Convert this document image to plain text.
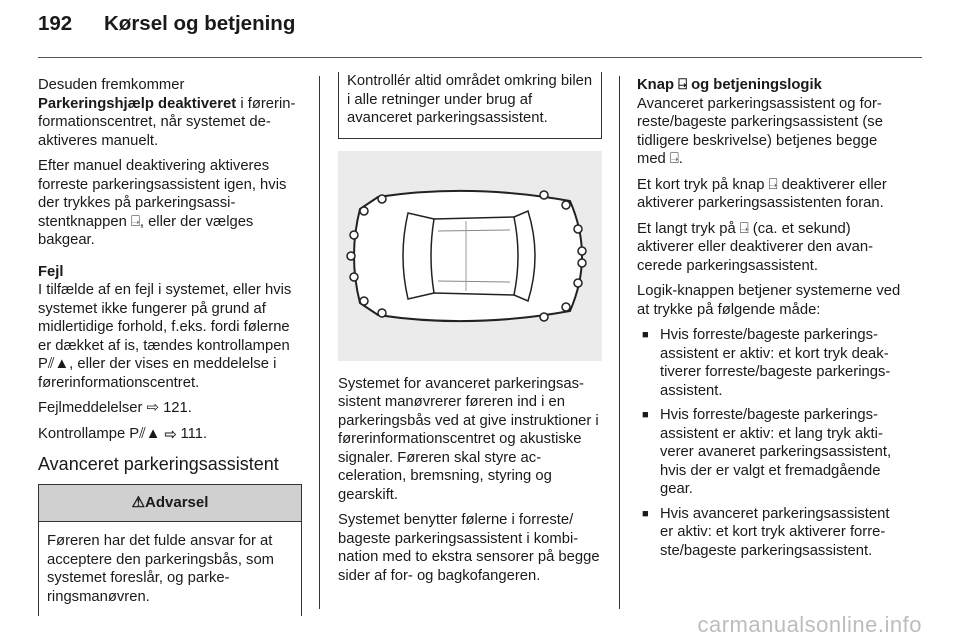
192 Kørsel og betjening

Desuden fremkommer
Parkeringshjælp deaktiveret i førerinformationscentret, når systemet deaktiveres manuelt.

Efter manuel deaktivering aktiveres forreste parkeringsassistent igen, hvis der trykkes på parkeringsassistentknappen ⍈, eller der vælges bakgear.

Fejl
I tilfælde af en fejl i systemet, eller hvis systemet ikke fungerer på grund af midlertidige forhold, f.eks. fordi følerne er dækket af is, tændes kontrollampen P⫽▲, eller der vises en meddelelse i førerinformationscentret.

Fejlmeddelelser ⇨ 121.

Kontrollampe P⫽▲ ⇨ 111.

Avanceret parkeringsassistent
⚠Advarsel
Føreren har det fulde ansvar for at acceptere den parkeringsbås, som systemet foreslår, og parkeringsmanøvren.
Kontrollér altid området omkring bilen i alle retninger under brug af avanceret parkeringsassistent.

Systemet for avanceret parkeringsassistent manøvrerer føreren ind i en parkeringsbås ved at give instruktioner i førerinformationscentret og akustiske signaler. Føreren skal styre acceleration, bremsning, styring og gearskift.

Systemet benytter følerne i forreste/ bageste parkeringsassistent i kombination med to ekstra sensorer på begge sider af for- og bagkofangeren.

Knap ⍈ og betjeningslogik
Avanceret parkeringsassistent og forreste/bageste parkeringsassistent (se tidligere beskrivelse) betjenes begge med ⍈.

Et kort tryk på knap ⍈ deaktiverer eller aktiverer parkeringsassistenten foran.

Et langt tryk på ⍈ (ca. et sekund) aktiverer eller deaktiverer den avancerede parkeringsassistent.

Logik-knappen betjener systemerne ved at trykke på følgende måde:

■ Hvis forreste/bageste parkeringsassistent er aktiv: et kort tryk deaktiverer forreste/bageste parkeringsassistent.
■ Hvis forreste/bageste parkeringsassistent er aktiv: et lang tryk aktiverer avaneret parkeringsassistent, hvis der er valgt et fremadgående gear.
■ Hvis avanceret parkeringsassistent er aktiv: et kort tryk aktiverer forreste/bageste parkeringsassistent.
carmanualsonline.info
